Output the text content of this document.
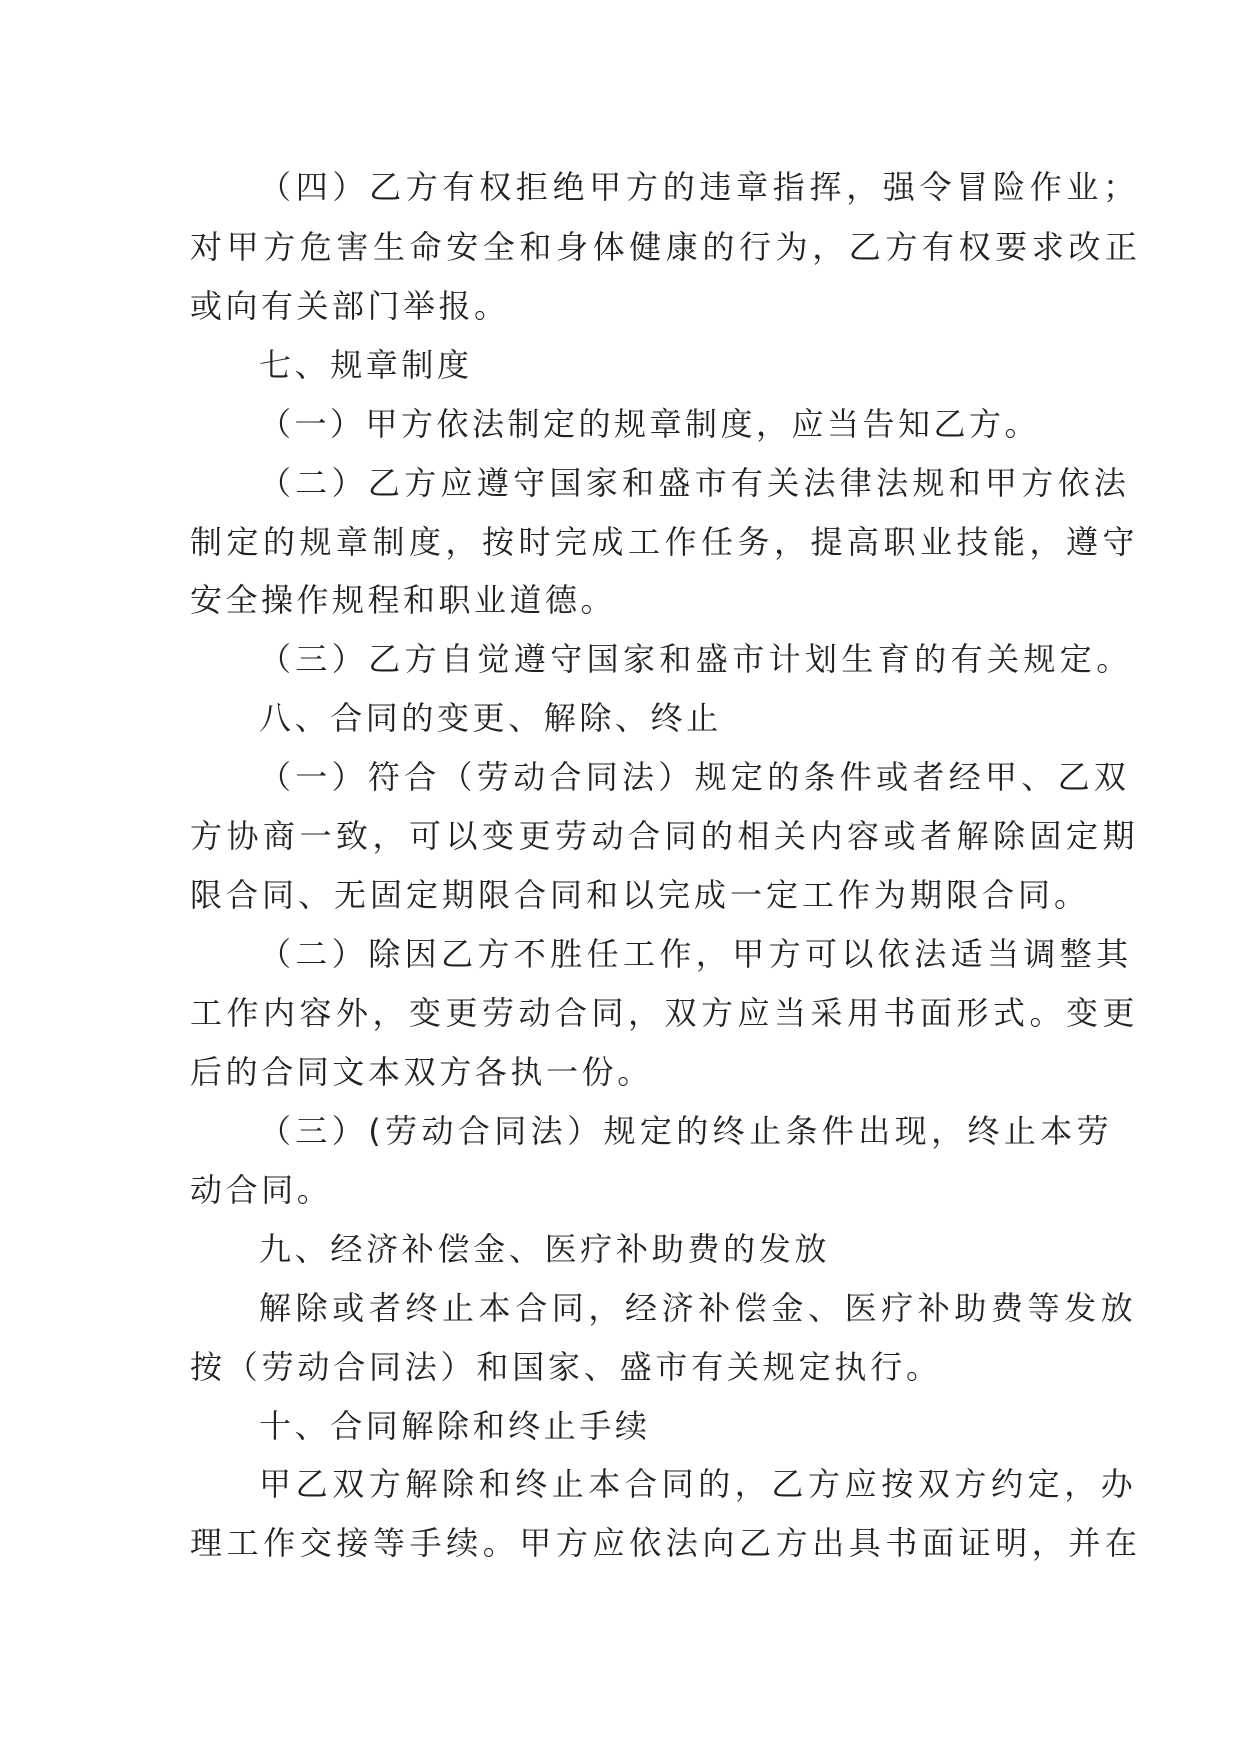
（四）乙方有权拒绝甲方的违章指挥，强令冒险作业；
对甲方危害生命安全和身体健康的行为，乙方有权要求改正
或向有关部门举报。
七、规章制度
（一）甲方依法制定的规章制度，应当告知乙方。
（二）乙方应遵守国家和盛市有关法律法规和甲方依法
制定的规章制度，按时完成工作任务，提高职业技能，遵守
安全操作规程和职业道德。
（三）乙方自觉遵守国家和盛市计划生育的有关规定。
八、合同的变更、解除、终止
（一）符合（劳动合同法）规定的条件或者经甲、乙双
方协商一致，可以变更劳动合同的相关内容或者解除固定期
限合同、无固定期限合同和以完成一定工作为期限合同。
（二）除因乙方不胜任工作，甲方可以依法适当调整其
工作内容外，变更劳动合同，双方应当采用书面形式。变更
后的合同文本双方各执一份。
（三）(劳动合同法）规定的终止条件出现，终止本劳
动合同。
九、经济补偿金、医疗补助费的发放
解除或者终止本合同，经济补偿金、医疗补助费等发放
按（劳动合同法）和国家、盛市有关规定执行。
十、合同解除和终止手续
甲乙双方解除和终止本合同的，乙方应按双方约定，办
理工作交接等手续。甲方应依法向乙方出具书面证明，并在
